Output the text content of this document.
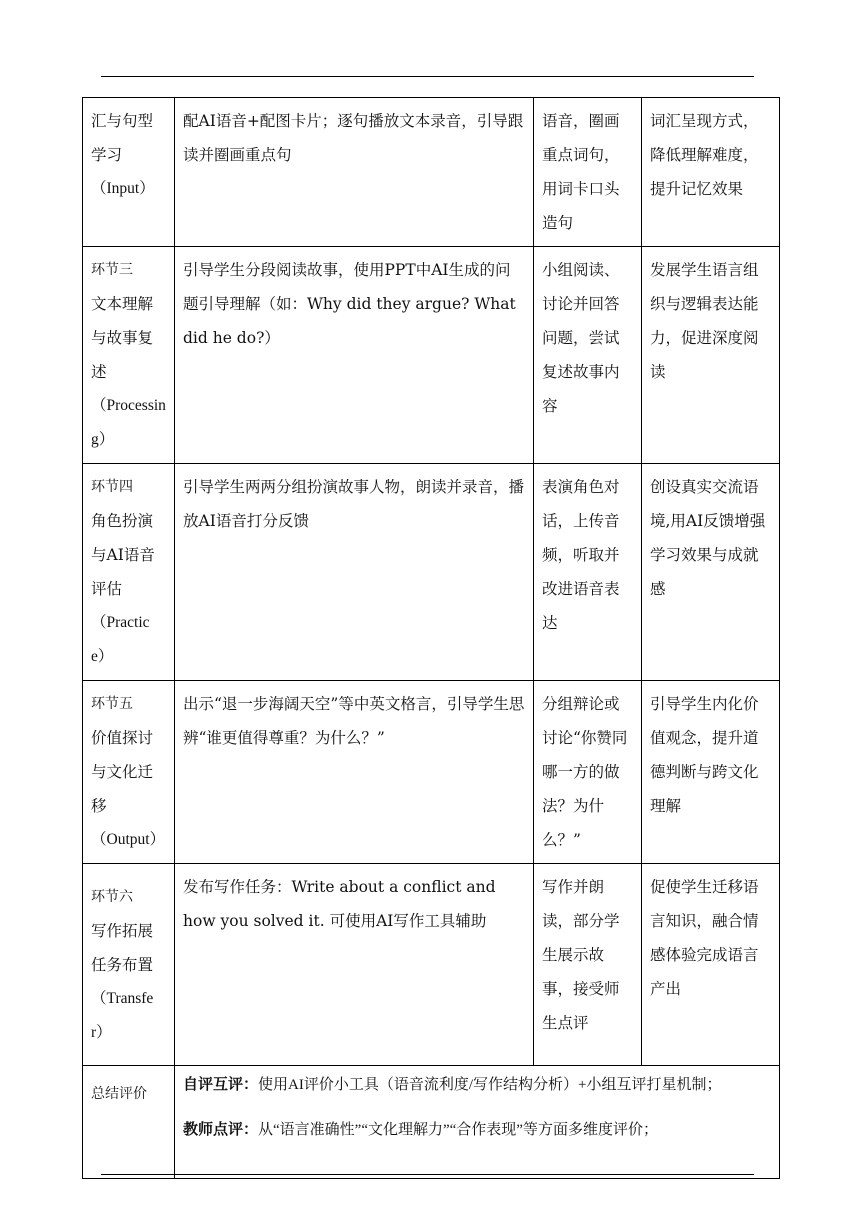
汇与句型学习
（ Input ）	配AI语音+配图卡片；逐句播放文本录音，引导跟读并圈画重点句	语音，圈画重点词句，用词卡口头造句	词汇呈现方式，降低理解难度，提升记忆效果

环节三
文本理解与故事复述
（ Processing ）	引导学生分段阅读故事，使用PPT中AI生成的问题引导理解（如：Why did they argue? What did he do?）	小组阅读、讨论并回答问题，尝试复述故事内容	发展学生语言组织与逻辑表达能力，促进深度阅读

环节四
角色扮演与AI语音评估
（ Practice ）	引导学生两两分组扮演故事人物，朗读并录音，播放AI语音打分反馈	表演角色对话，上传音频，听取并改进语音表达	创设真实交流语境,用AI反馈增强学习效果与成就感

环节五
价值探讨与文化迁移
（ Output ）	出示“退一步海阔天空”等中英文格言，引导学生思辨“谁更值得尊重？为什么？”	分组辩论或讨论“你赞同哪一方的做法？为什么？”	引导学生内化价值观念，提升道德判断与跨文化理解

环节六
写作拓展任务布置
（ Transfer ）	发布写作任务：Write about a conflict and how you solved it. 可使用AI写作工具辅助	写作并朗读，部分学生展示故事，接受师生点评	促使学生迁移语言知识，融合情感体验完成语言产出
总结评价	自评互评：使用AI评价小工具（语音流利度/写作结构分析）+小组互评打星机制；

教师点评：从“语言准确性”“文化理解力”“合作表现”等方面多维度评价；		
